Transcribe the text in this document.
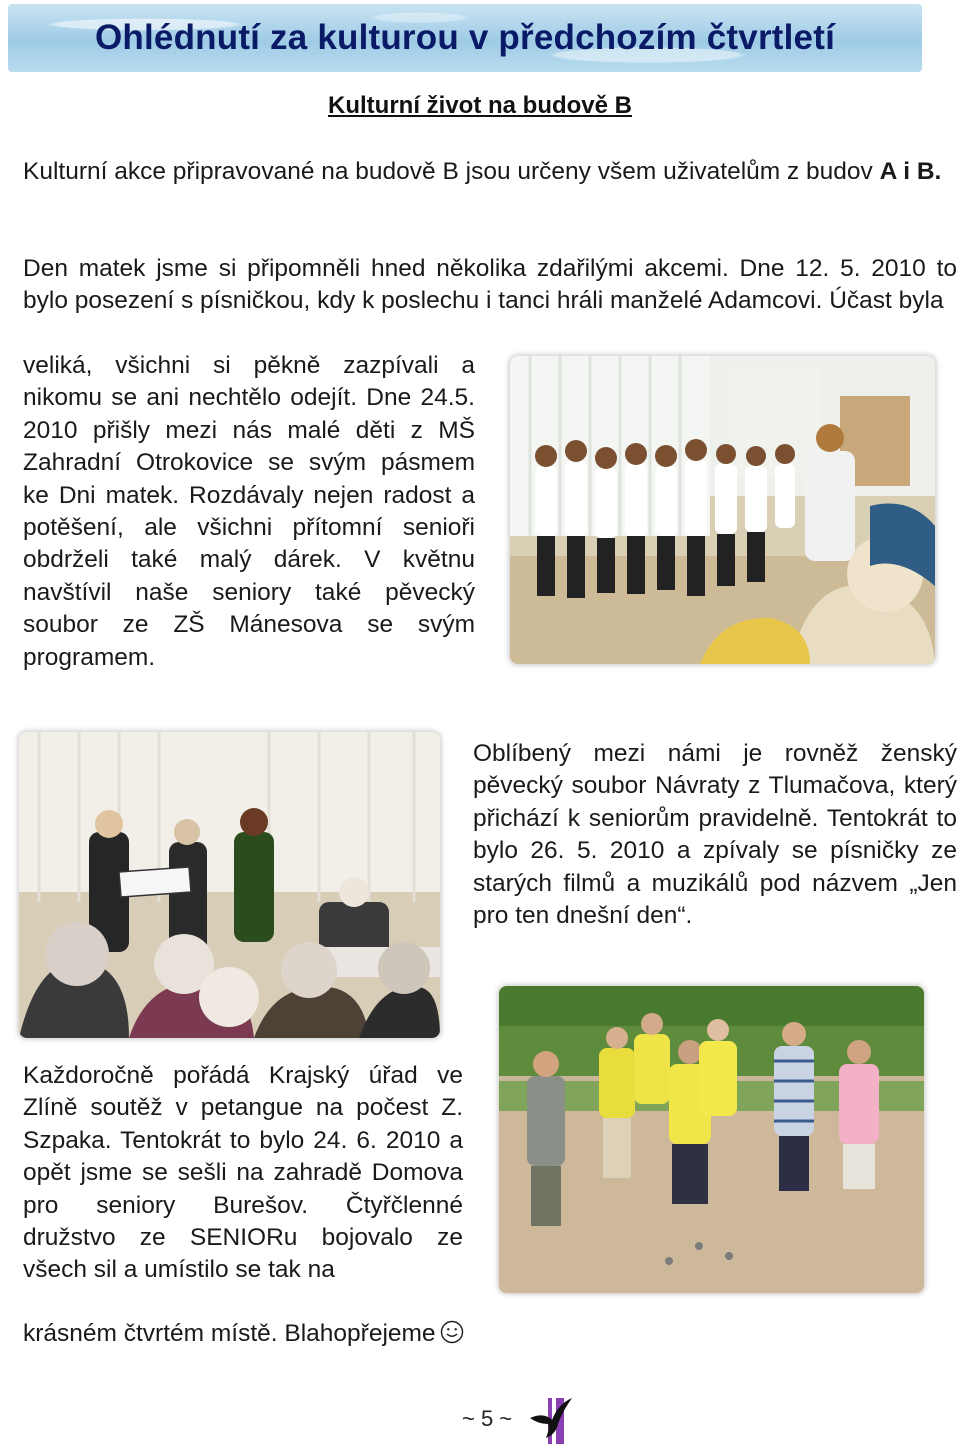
Ohlédnutí za kulturou v předchozím čtvrtletí
Kulturní život na budově B

Kulturní akce připravované na budově B jsou určeny všem uživatelům z budov A i B.

Den matek jsme si připomněli hned několika zdařilými akcemi. Dne 12. 5. 2010 to bylo posezení s písničkou, kdy k poslechu i tanci hráli manželé Adamcovi. Účast byla

veliká, všichni si pěkně zazpívali a nikomu se ani nechtělo odejít. Dne 24.5. 2010 přišly mezi nás malé děti z MŠ Zahradní Otrokovice se svým pásmem ke Dni matek. Rozdávaly nejen radost a potěšení, ale všichni přítomní senioři obdrželi také malý dárek. V květnu navštívil naše seniory také pěvecký soubor ze ZŠ Mánesova se svým programem.

Oblíbený mezi námi je rovněž ženský pěvecký soubor Návraty z Tlumačova, který přichází k seniorům pravidelně. Tentokrát to bylo 26. 5. 2010 a zpívaly se písničky ze starých filmů a muzikálů pod názvem „Jen pro ten dnešní den“.

Každoročně pořádá Krajský úřad ve Zlíně soutěž v petangue na počest Z. Szpaka. Tentokrát to bylo 24. 6. 2010 a opět jsme se sešli na zahradě Domova pro seniory Burešov. Čtyřčlenné družstvo ze SENIORu bojovalo ze všech sil a umístilo se tak na

krásném čtvrtém místě. Blahopřejeme

~ 5 ~
